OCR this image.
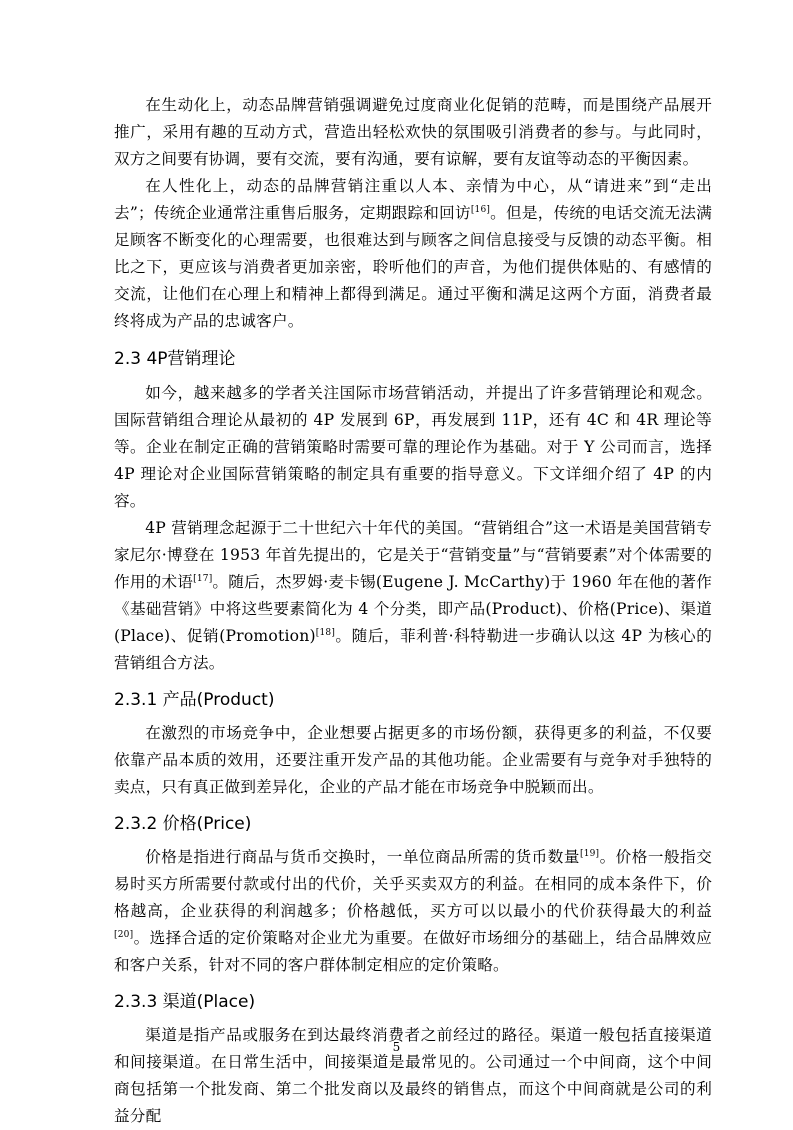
在生动化上，动态品牌营销强调避免过度商业化促销的范畴，而是围绕产品展开推广，采用有趣的互动方式，营造出轻松欢快的氛围吸引消费者的参与。与此同时，双方之间要有协调，要有交流，要有沟通，要有谅解，要有友谊等动态的平衡因素。

在人性化上，动态的品牌营销注重以人本、亲情为中心，从“请进来”到“走出去”；传统企业通常注重售后服务，定期跟踪和回访[16]。但是，传统的电话交流无法满足顾客不断变化的心理需要，也很难达到与顾客之间信息接受与反馈的动态平衡。相比之下，更应该与消费者更加亲密，聆听他们的声音，为他们提供体贴的、有感情的交流，让他们在心理上和精神上都得到满足。通过平衡和满足这两个方面，消费者最终将成为产品的忠诚客户。

2.3 4P营销理论

如今，越来越多的学者关注国际市场营销活动，并提出了许多营销理论和观念。国际营销组合理论从最初的 4P 发展到 6P，再发展到 11P，还有 4C 和 4R 理论等等。企业在制定正确的营销策略时需要可靠的理论作为基础。对于 Y 公司而言，选择 4P 理论对企业国际营销策略的制定具有重要的指导意义。下文详细介绍了 4P 的内容。

4P 营销理念起源于二十世纪六十年代的美国。“营销组合”这一术语是美国营销专家尼尔·博登在 1953 年首先提出的，它是关于“营销变量”与“营销要素”对个体需要的作用的术语[17]。随后，杰罗姆·麦卡锡(Eugene J. McCarthy)于 1960 年在他的著作《基础营销》中将这些要素简化为 4 个分类，即产品(Product)、价格(Price)、渠道(Place)、促销(Promotion)[18]。随后，菲利普·科特勒进一步确认以这 4P 为核心的营销组合方法。

2.3.1 产品(Product)

在激烈的市场竞争中，企业想要占据更多的市场份额，获得更多的利益，不仅要依靠产品本质的效用，还要注重开发产品的其他功能。企业需要有与竞争对手独特的卖点，只有真正做到差异化，企业的产品才能在市场竞争中脱颖而出。

2.3.2 价格(Price)

价格是指进行商品与货币交换时，一单位商品所需的货币数量[19]。价格一般指交易时买方所需要付款或付出的代价，关乎买卖双方的利益。在相同的成本条件下，价格越高，企业获得的利润越多；价格越低，买方可以以最小的代价获得最大的利益[20]。选择合适的定价策略对企业尤为重要。在做好市场细分的基础上，结合品牌效应和客户关系，针对不同的客户群体制定相应的定价策略。

2.3.3 渠道(Place)

渠道是指产品或服务在到达最终消费者之前经过的路径。渠道一般包括直接渠道和间接渠道。在日常生活中，间接渠道是最常见的。公司通过一个中间商，这个中间商包括第一个批发商、第二个批发商以及最终的销售点，而这个中间商就是公司的利益分配

5
